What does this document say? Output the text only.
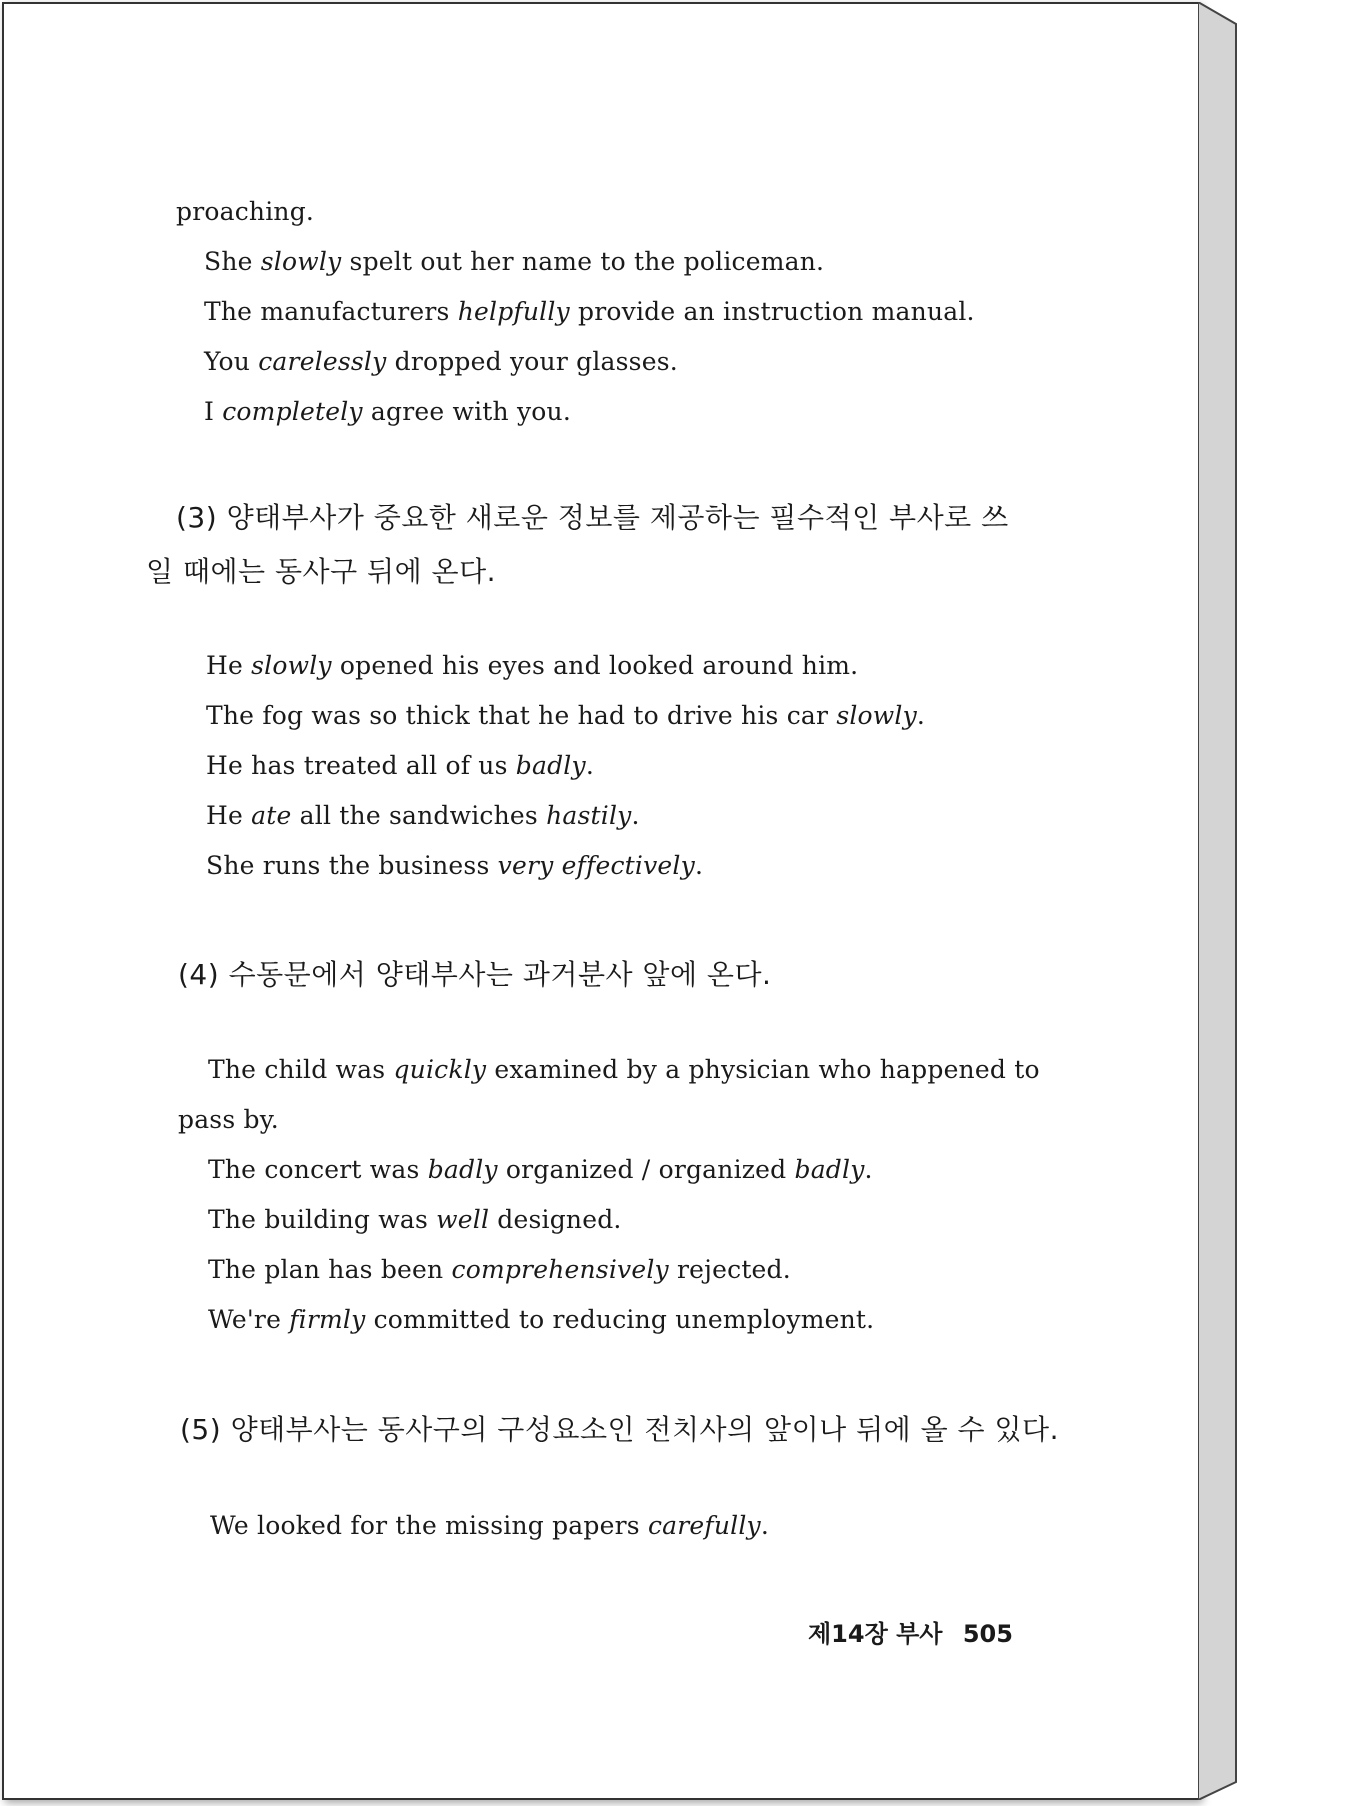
proaching.
She slowly spelt out her name to the policeman.
The manufacturers helpfully provide an instruction manual.
You carelessly dropped your glasses.
I completely agree with you.
(3) 양태부사가 중요한 새로운 정보를 제공하는 필수적인 부사로 쓰
일 때에는 동사구 뒤에 온다.
He slowly opened his eyes and looked around him.
The fog was so thick that he had to drive his car slowly.
He has treated all of us badly.
He ate all the sandwiches hastily.
She runs the business very effectively.
(4) 수동문에서 양태부사는 과거분사 앞에 온다.
The child was quickly examined by a physician who happened to
pass by.
The concert was badly organized / organized badly.
The building was well designed.
The plan has been comprehensively rejected.
We're firmly committed to reducing unemployment.
(5) 양태부사는 동사구의 구성요소인 전치사의 앞이나 뒤에 올 수 있다.
We looked for the missing papers carefully.
제14장 부사 505
